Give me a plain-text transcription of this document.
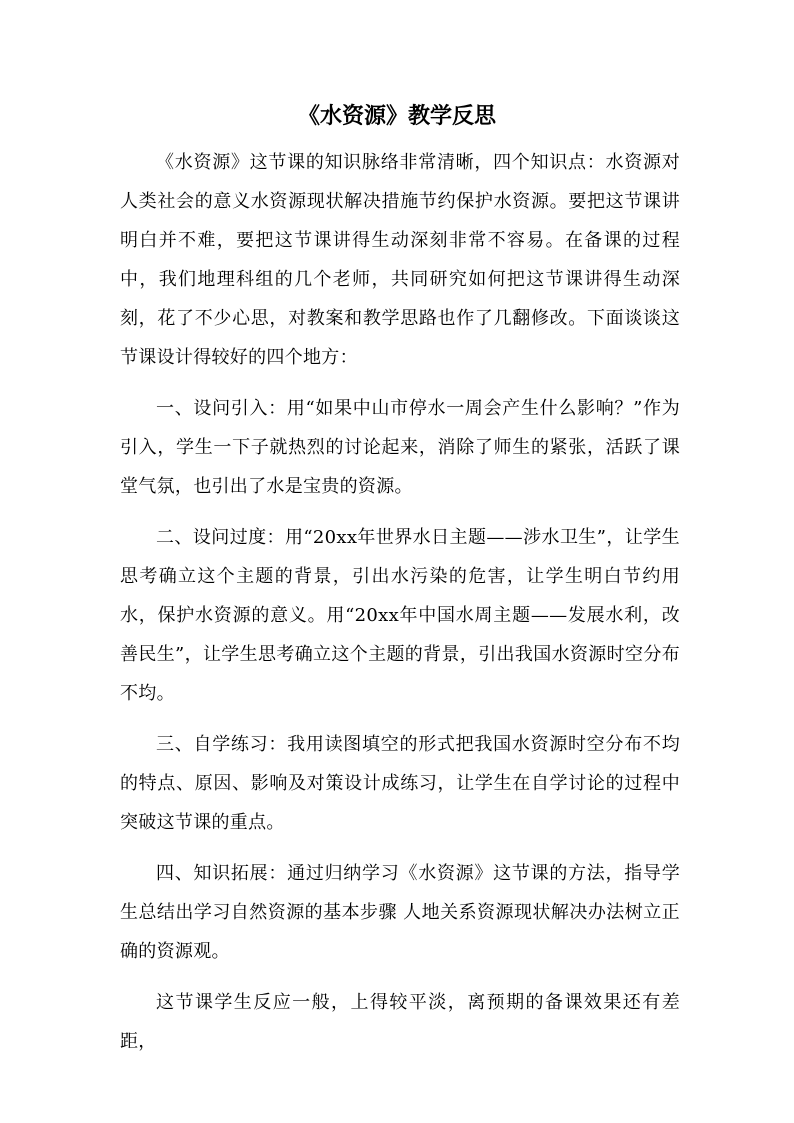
《水资源》教学反思

《水资源》这节课的知识脉络非常清晰，四个知识点：水资源对人类社会的意义水资源现状解决措施节约保护水资源。要把这节课讲明白并不难，要把这节课讲得生动深刻非常不容易。在备课的过程中，我们地理科组的几个老师，共同研究如何把这节课讲得生动深刻，花了不少心思，对教案和教学思路也作了几翻修改。下面谈谈这节课设计得较好的四个地方：

一、设问引入：用“如果中山市停水一周会产生什么影响？”作为引入，学生一下子就热烈的讨论起来，消除了师生的紧张，活跃了课堂气氛，也引出了水是宝贵的资源。

二、设问过度：用“20xx年世界水日主题——涉水卫生”，让学生思考确立这个主题的背景，引出水污染的危害，让学生明白节约用水，保护水资源的意义。用“20xx年中国水周主题——发展水利，改善民生”，让学生思考确立这个主题的背景，引出我国水资源时空分布不均。

三、自学练习：我用读图填空的形式把我国水资源时空分布不均的特点、原因、影响及对策设计成练习，让学生在自学讨论的过程中突破这节课的重点。

四、知识拓展：通过归纳学习《水资源》这节课的方法，指导学生总结出学习自然资源的基本步骤 人地关系资源现状解决办法树立正确的资源观。

这节课学生反应一般，上得较平淡，离预期的备课效果还有差距，
